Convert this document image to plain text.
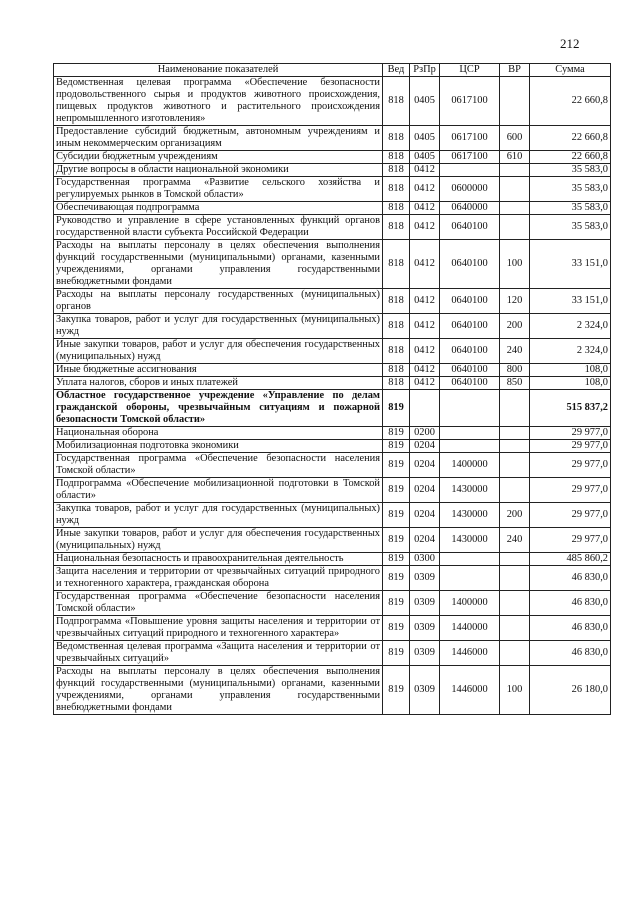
212
Наименование показателей	Вед	РзПр	ЦСР	ВР	Сумма
Ведомственная целевая программа «Обеспечение безопасности продовольственного сырья и продуктов животного происхождения, пищевых продуктов животного и растительного происхождения непромышленного изготовления»	818	0405	0617100		22 660,8
Предоставление субсидий бюджетным, автономным учреждениям и иным некоммерческим организациям	818	0405	0617100	600	22 660,8
Субсидии бюджетным учреждениям	818	0405	0617100	610	22 660,8
Другие вопросы в области национальной экономики	818	0412			35 583,0
Государственная программа «Развитие сельского хозяйства и регулируемых рынков в Томской области»	818	0412	0600000		35 583,0
Обеспечивающая подпрограмма	818	0412	0640000		35 583,0
Руководство и управление в сфере установленных функций органов государственной власти субъекта Российской Федерации	818	0412	0640100		35 583,0
Расходы на выплаты персоналу в целях обеспечения выполнения функций государственными (муниципальными) органами, казенными учреждениями, органами управления государственными внебюджетными фондами	818	0412	0640100	100	33 151,0
Расходы на выплаты персоналу государственных (муниципальных) органов	818	0412	0640100	120	33 151,0
Закупка товаров, работ и услуг для государственных (муниципальных) нужд	818	0412	0640100	200	2 324,0
Иные закупки товаров, работ и услуг для обеспечения государственных (муниципальных) нужд	818	0412	0640100	240	2 324,0
Иные бюджетные ассигнования	818	0412	0640100	800	108,0
Уплата налогов, сборов и иных платежей	818	0412	0640100	850	108,0
Областное государственное учреждение «Управление по делам гражданской обороны, чрезвычайным ситуациям и пожарной безопасности Томской области»	819				515 837,2
Национальная оборона	819	0200			29 977,0
Мобилизационная подготовка экономики	819	0204			29 977,0
Государственная программа «Обеспечение безопасности населения Томской области»	819	0204	1400000		29 977,0
Подпрограмма «Обеспечение мобилизационной подготовки в Томской области»	819	0204	1430000		29 977,0
Закупка товаров, работ и услуг для государственных (муниципальных) нужд	819	0204	1430000	200	29 977,0
Иные закупки товаров, работ и услуг для обеспечения государственных (муниципальных) нужд	819	0204	1430000	240	29 977,0
Национальная безопасность и правоохранительная деятельность	819	0300			485 860,2
Защита населения и территории от чрезвычайных ситуаций природного и техногенного характера, гражданская оборона	819	0309			46 830,0
Государственная программа «Обеспечение безопасности населения Томской области»	819	0309	1400000		46 830,0
Подпрограмма «Повышение уровня защиты населения и территории от чрезвычайных ситуаций природного и техногенного характера»	819	0309	1440000		46 830,0
Ведомственная целевая программа «Защита населения и территории от чрезвычайных ситуаций»	819	0309	1446000		46 830,0
Расходы на выплаты персоналу в целях обеспечения выполнения функций государственными (муниципальными) органами, казенными учреждениями, органами управления государственными внебюджетными фондами	819	0309	1446000	100	26 180,0
